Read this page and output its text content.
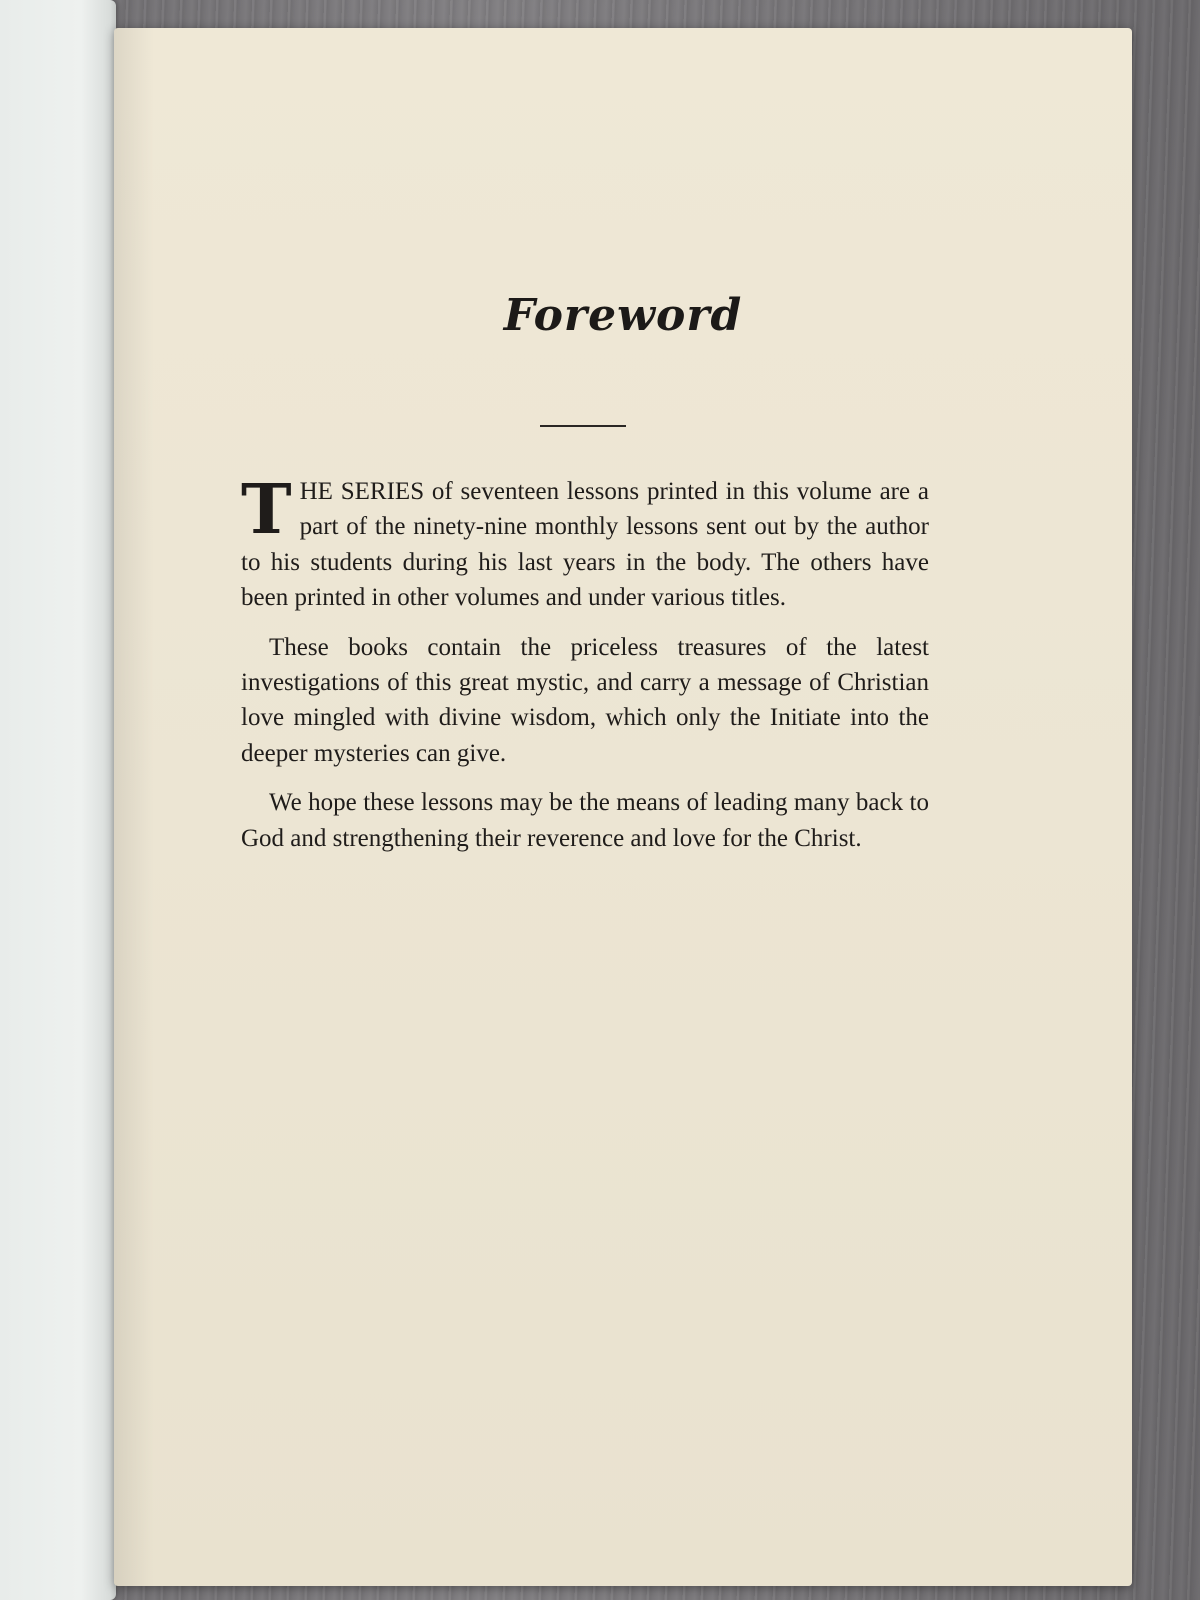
Foreword

THE SERIES of seventeen lessons printed in this volume are a part of the ninety-nine monthly lessons sent out by the author to his students during his last years in the body. The others have been printed in other volumes and under various titles.

These books contain the priceless treasures of the latest investigations of this great mystic, and carry a message of Christian love mingled with divine wisdom, which only the Initiate into the deeper mysteries can give.

We hope these lessons may be the means of leading many back to God and strengthening their reverence and love for the Christ.
